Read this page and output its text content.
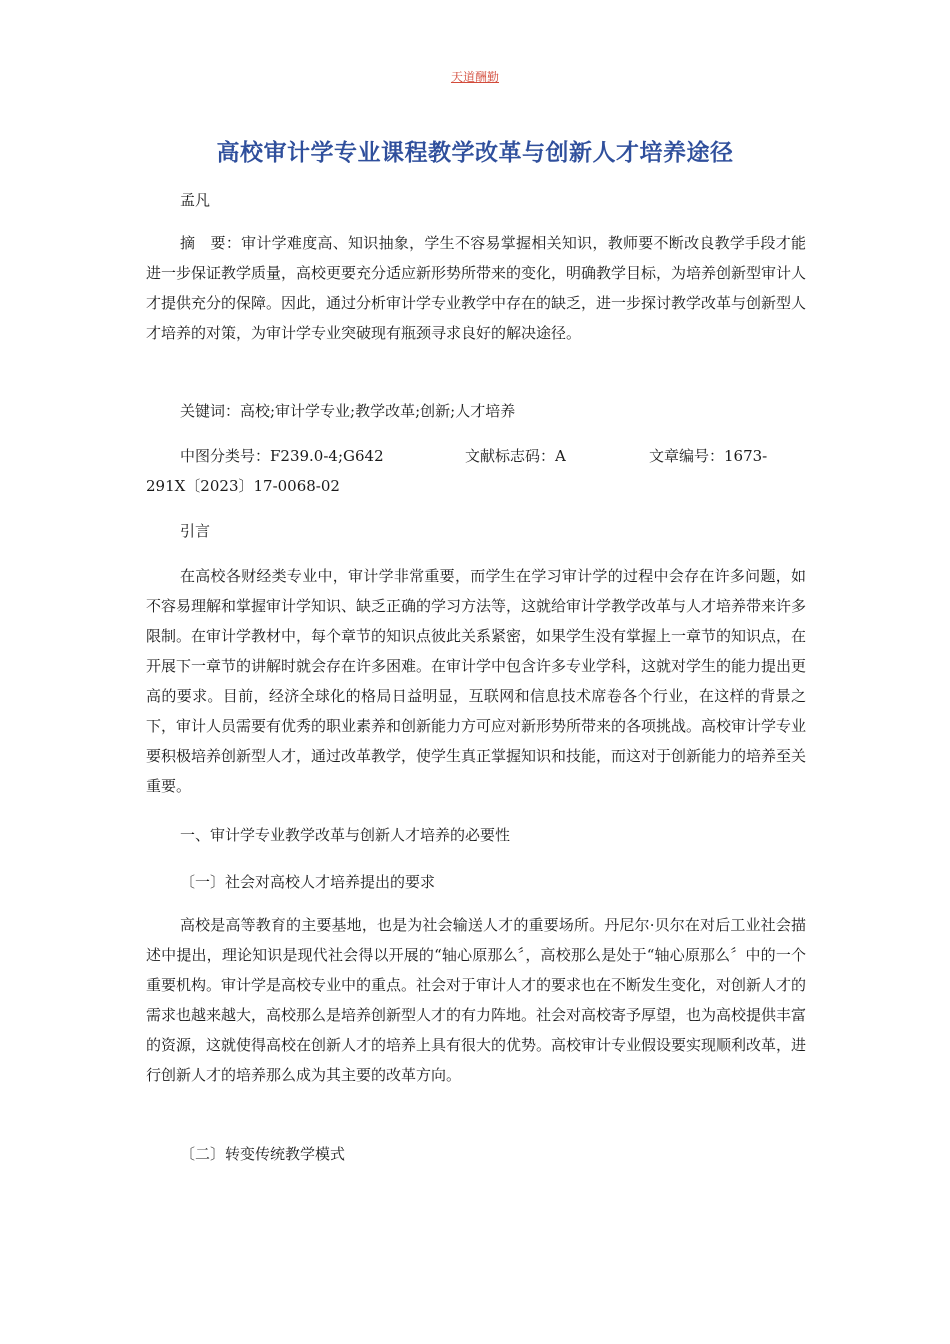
天道酬勤
高校审计学专业课程教学改革与创新人才培养途径
孟凡
摘　要：审计学难度高、知识抽象，学生不容易掌握相关知识，教师要不断改良教学手段才能进一步保证教学质量，高校更要充分适应新形势所带来的变化，明确教学目标，为培养创新型审计人才提供充分的保障。因此，通过分析审计学专业教学中存在的缺乏，进一步探讨教学改革与创新型人才培养的对策，为审计学专业突破现有瓶颈寻求良好的解决途径。
关键词：高校;审计学专业;教学改革;创新;人才培养
中图分类号：F239.0-4;G642	文献标志码：A	文章编号：1673-
291X〔2023〕17-0068-02
引言
在高校各财经类专业中，审计学非常重要，而学生在学习审计学的过程中会存在许多问题，如不容易理解和掌握审计学知识、缺乏正确的学习方法等，这就给审计学教学改革与人才培养带来许多限制。在审计学教材中，每个章节的知识点彼此关系紧密，如果学生没有掌握上一章节的知识点，在开展下一章节的讲解时就会存在许多困难。在审计学中包含许多专业学科，这就对学生的能力提出更高的要求。目前，经济全球化的格局日益明显，互联网和信息技术席卷各个行业，在这样的背景之下，审计人员需要有优秀的职业素养和创新能力方可应对新形势所带来的各项挑战。高校审计学专业要积极培养创新型人才，通过改革教学，使学生真正掌握知识和技能，而这对于创新能力的培养至关重要。
一、审计学专业教学改革与创新人才培养的必要性
〔一〕社会对高校人才培养提出的要求
高校是高等教育的主要基地，也是为社会输送人才的重要场所。丹尼尔·贝尔在对后工业社会描述中提出，理论知识是现代社会得以开展的“轴心原那么〞，高校那么是处于“轴心原那么〞中的一个重要机构。审计学是高校专业中的重点。社会对于审计人才的要求也在不断发生变化，对创新人才的需求也越来越大，高校那么是培养创新型人才的有力阵地。社会对高校寄予厚望，也为高校提供丰富的资源，这就使得高校在创新人才的培养上具有很大的优势。高校审计专业假设要实现顺利改革，进行创新人才的培养那么成为其主要的改革方向。
〔二〕转变传统教学模式
